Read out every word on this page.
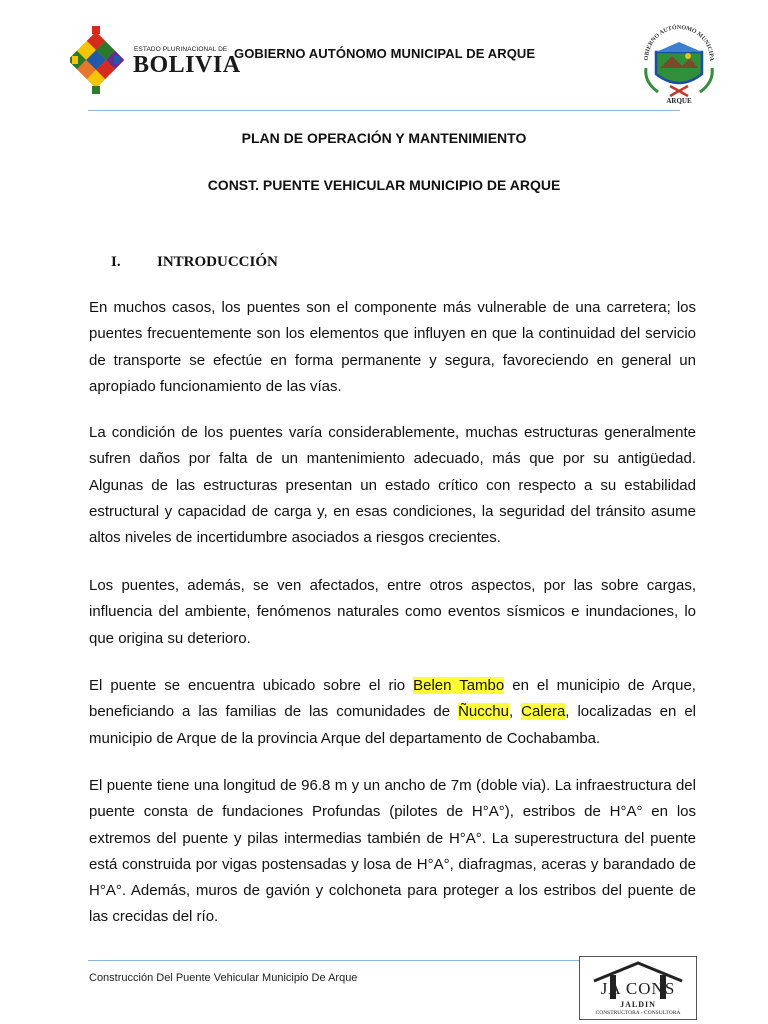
ESTADO PLURINACIONAL DE
BOLIVIA
GOBIERNO AUTÓNOMO MUNICIPAL DE ARQUE	OBIERNO AUTÓNOMO MUNICIPA
ARQUE
PLAN DE OPERACIÓN Y MANTENIMIENTO
CONST. PUENTE VEHICULAR MUNICIPIO DE ARQUE
I. INTRODUCCIÓN

En muchos casos, los puentes son el componente más vulnerable de una carretera; los puentes frecuentemente son los elementos que influyen en que la continuidad del servicio de transporte se efectúe en forma permanente y segura, favoreciendo en general un apropiado funcionamiento de las vías.

La condición de los puentes varía considerablemente, muchas estructuras generalmente sufren daños por falta de un mantenimiento adecuado, más que por su antigüedad. Algunas de las estructuras presentan un estado crítico con respecto a su estabilidad estructural y capacidad de carga y, en esas condiciones, la seguridad del tránsito asume altos niveles de incertidumbre asociados a riesgos crecientes.

Los puentes, además, se ven afectados, entre otros aspectos, por las sobre cargas, influencia del ambiente, fenómenos naturales como eventos sísmicos e inundaciones, lo que origina su deterioro.

El puente se encuentra ubicado sobre el rio Belen Tambo en el municipio de Arque, beneficiando a las familias de las comunidades de Ñucchu, Calera, localizadas en el municipio de Arque de la provincia Arque del departamento de Cochabamba.

El puente tiene una longitud de 96.8 m y un ancho de 7m (doble via). La infraestructura del puente consta de fundaciones Profundas (pilotes de H°A°), estribos de H°A° en los extremos del puente y pilas intermedias también de H°A°. La superestructura del puente está construida por vigas postensadas y losa de H°A°, diafragmas, aceras y barandado de H°A°. Además, muros de gavión y colchoneta para proteger a los estribos del puente de las crecidas del río.

Construcción Del Puente Vehicular Municipio De Arque
JA CONS
JALDIN
CONSTRUCTORA - CONSULTORA
